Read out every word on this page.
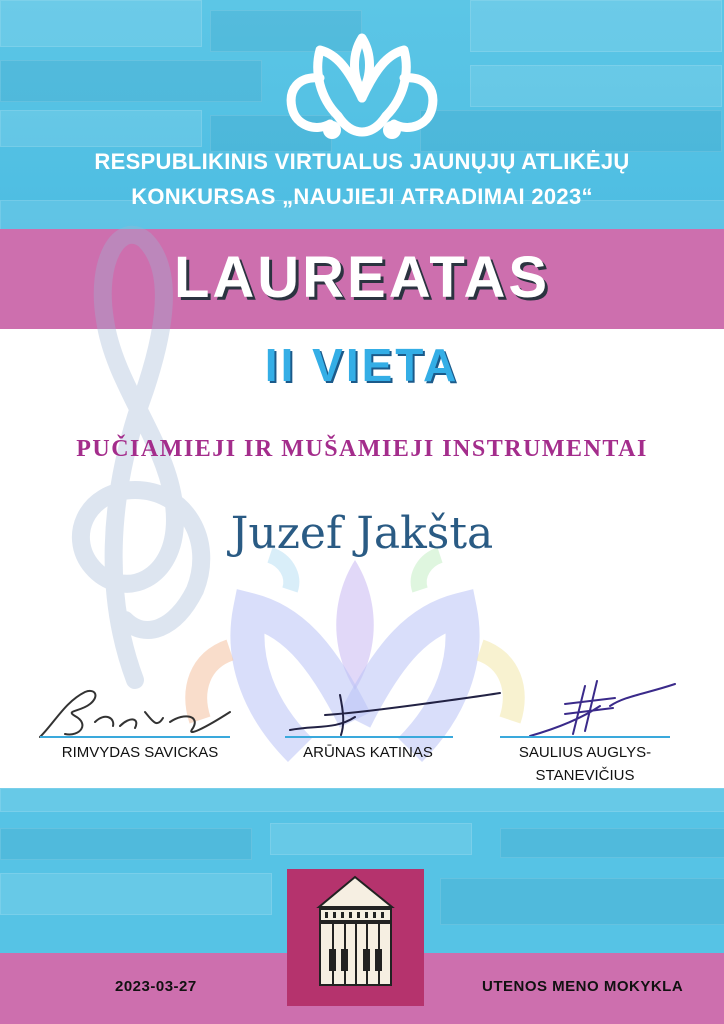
RESPUBLIKINIS VIRTUALUS JAUNŲJŲ ATLIKĖJŲ
KONKURSAS „NAUJIEJI ATRADIMAI 2023“
LAUREATAS
II VIETA
PUČIAMIEJI IR MUŠAMIEJI INSTRUMENTAI
Juzef Jakšta
RIMVYDAS SAVICKAS	ARŪNAS KATINAS	SAULIUS AUGLYS-
STANEVIČIUS
2023-03-27	UTENOS MENO MOKYKLA
